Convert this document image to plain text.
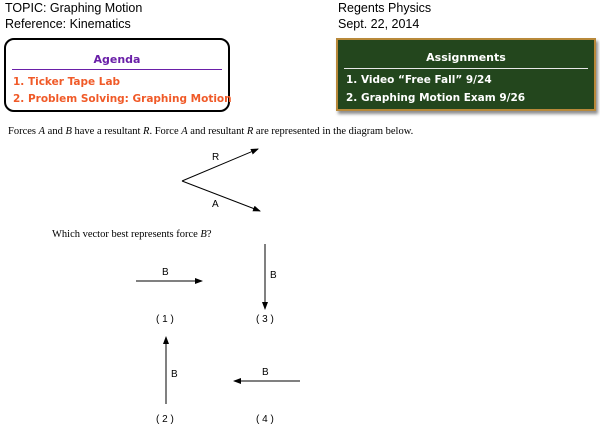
TOPIC: Graphing Motion
Reference: Kinematics
Regents Physics
Sept. 22, 2014
Agenda
1. Ticker Tape Lab
2. Problem Solving: Graphing Motion
Assignments
1. Video “Free Fall” 9/24
2. Graphing Motion Exam 9/26
Forces A and B have a resultant R. Force A and resultant R are represented in the diagram below.
R
A
Which vector best represents force B?
B
( 1 )
B
( 3 )
B
( 2 )
B
( 4 )
